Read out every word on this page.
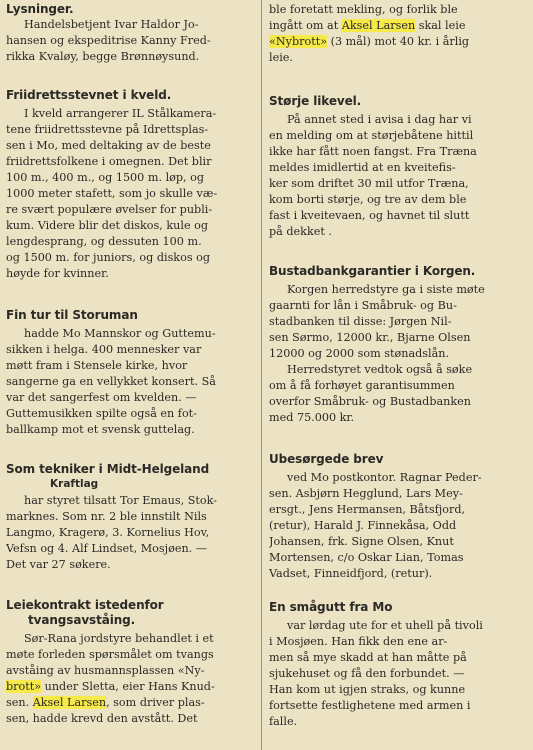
Lysninger.

Handelsbetjent Ivar Haldor Jo-
hansen og ekspeditrise Kanny Fred-
rikka Kvaløy, begge Brønnøysund.

Friidrettsstevnet i kveld.

I kveld arrangerer IL Stålkamera-
tene friidrettsstevne på Idrettsplas-
sen i Mo, med deltaking av de beste
friidrettsfolkene i omegnen. Det blir
100 m., 400 m., og 1500 m. løp, og
1000 meter stafett, som jo skulle væ-
re svært populære øvelser for publi-
kum. Videre blir det diskos, kule og
lengdesprang, og dessuten 100 m.
og 1500 m. for juniors, og diskos og
høyde for kvinner.

Fin tur til Storuman

hadde Mo Mannskor og Guttemu-
sikken i helga. 400 mennesker var
møtt fram i Stensele kirke, hvor
sangerne ga en vellykket konsert. Så
var det sangerfest om kvelden. —
Guttemusikken spilte også en fot-
ballkamp mot et svensk guttelag.

Som tekniker i Midt-Helgeland

Kraftlag

har styret tilsatt Tor Emaus, Stok-
marknes. Som nr. 2 ble innstilt Nils
Langmo, Kragerø, 3. Kornelius Hov,
Vefsn og 4. Alf Lindset, Mosjøen. —
Det var 27 søkere.

Leiekontrakt istedenfor
tvangsavståing.

Sør-Rana jordstyre behandlet i et
møte forleden spørsmålet om tvangs
avståing av husmannsplassen «Ny-
brott» under Sletta, eier Hans Knud-
sen. Aksel Larsen, som driver plas-
sen, hadde krevd den avstått. Det

ble foretatt mekling, og forlik ble
ingått om at Aksel Larsen skal leie
«Nybrott» (3 mål) mot 40 kr. i årlig
leie.

Størje likevel.

På annet sted i avisa i dag har vi
en melding om at størjebåtene hittil
ikke har fått noen fangst. Fra Træna
meldes imidlertid at en kveitefis-
ker som driftet 30 mil utfor Træna,
kom borti størje, og tre av dem ble
fast i kveitevaen, og havnet til slutt
på dekket .

Bustadbankgarantier i Korgen.

Korgen herredstyre ga i siste møte
gaarnti for lån i Småbruk- og Bu-
stadbanken til disse: Jørgen Nil-
sen Sørmo, 12000 kr., Bjarne Olsen
12000 og 2000 som stønadslån.
Herredstyret vedtok også å søke
om å få forhøyet garantisummen
overfor Småbruk- og Bustadbanken
med 75.000 kr.

Ubesørgede brev

ved Mo postkontor. Ragnar Peder-
sen. Asbjørn Hegglund, Lars Mey-
ersgt., Jens Hermansen, Båtsfjord,
(retur), Harald J. Finnekåsa, Odd
Johansen, frk. Signe Olsen, Knut
Mortensen, c/o Oskar Lian, Tomas
Vadset, Finneidfjord, (retur).

En smågutt fra Mo

var lørdag ute for et uhell på tivoli
i Mosjøen. Han fikk den ene ar-
men så mye skadd at han måtte på
sjukehuset og få den forbundet. —
Han kom ut igjen straks, og kunne
fortsette festlighetene med armen i
falle.
